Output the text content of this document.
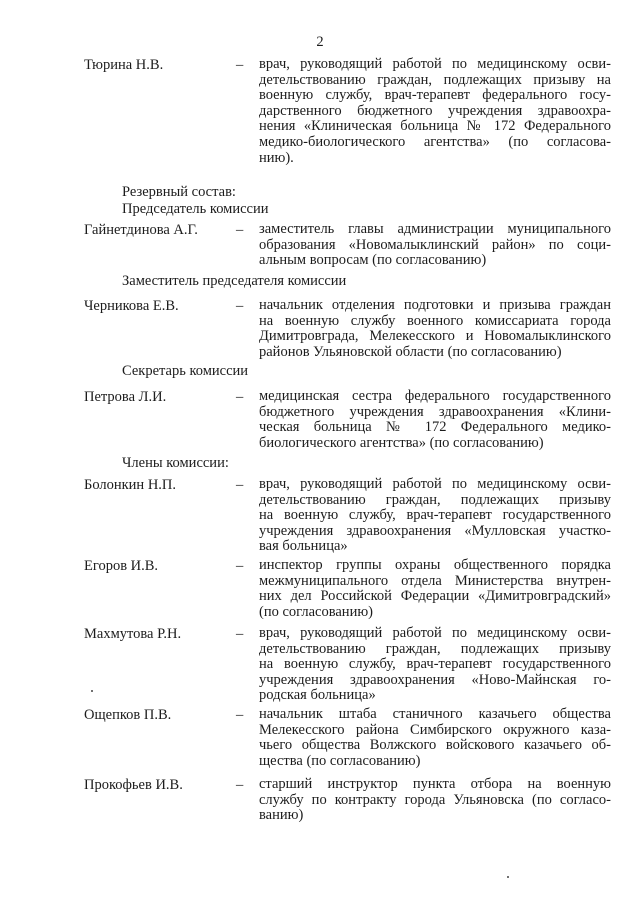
2
Тюрина Н.В.	– врач, руководящий работой по медицинскому осви-
детельствованию граждан, подлежащих призыву на
военную службу, врач-терапевт федерального госу-
дарственного бюджетного учреждения здравоохра-
нения «Клиническая больница № 172 Федерального
медико-биологического агентства» (по согласова-
нию).
Резервный состав:
Председатель комиссии
Гайнетдинова А.Г.	– заместитель главы администрации муниципального
образования «Новомалыклинский район» по соци-
альным вопросам (по согласованию)
Заместитель председателя комиссии
Черникова Е.В.	– начальник отделения подготовки и призыва граждан
на военную службу военного комиссариата города
Димитровграда, Мелекесского и Новомалыклинского
районов Ульяновской области (по согласованию)
Секретарь комиссии
Петрова Л.И.	– медицинская сестра федерального государственного
бюджетного учреждения здравоохранения «Клини-
ческая больница № 172 Федерального медико-
биологического агентства» (по согласованию)
Члены комиссии:
Болонкин Н.П.	– врач, руководящий работой по медицинскому осви-
детельствованию граждан, подлежащих призыву
на военную службу, врач-терапевт государственного
учреждения здравоохранения «Мулловская участко-
вая больница»
Егоров И.В.	– инспектор группы охраны общественного порядка
межмуниципального отдела Министерства внутрен-
них дел Российской Федерации «Димитровградский»
(по согласованию)
Махмутова Р.Н.	– врач, руководящий работой по медицинскому осви-
детельствованию граждан, подлежащих призыву
на военную службу, врач-терапевт государственного
учреждения здравоохранения «Ново-Майнская го-
родская больница»
Ощепков П.В.	– начальник штаба станичного казачьего общества
Мелекесского района Симбирского окружного каза-
чьего общества Волжского войскового казачьего об-
щества (по согласованию)
Прокофьев И.В.	– старший инструктор пункта отбора на военную
службу по контракту города Ульяновска (по согласо-
ванию)
